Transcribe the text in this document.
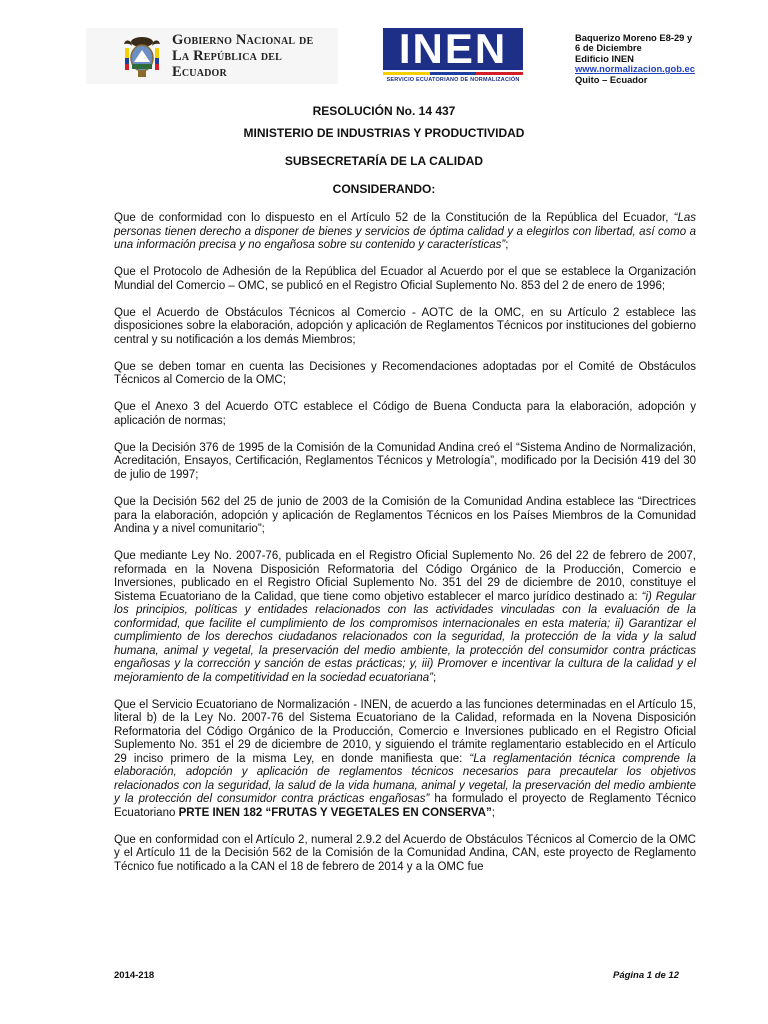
Gobierno Nacional de
La República del Ecuador	INEN
SERVICIO ECUATORIANO DE NORMALIZACIÓN
Baquerizo Moreno E8-29 y
6 de Diciembre
Edificio INEN
www.normalizacion.gob.ec
Quito – Ecuador
RESOLUCIÓN No. 14 437
MINISTERIO DE INDUSTRIAS Y PRODUCTIVIDAD
SUBSECRETARÍA DE LA CALIDAD
CONSIDERANDO:

Que de conformidad con lo dispuesto en el Artículo 52 de la Constitución de la República del Ecuador, “Las personas tienen derecho a disponer de bienes y servicios de óptima calidad y a elegirlos con libertad, así como a una información precisa y no engañosa sobre su contenido y características”;

Que el Protocolo de Adhesión de la República del Ecuador al Acuerdo por el que se establece la Organización Mundial del Comercio – OMC, se publicó en el Registro Oficial Suplemento No. 853 del 2 de enero de 1996;

Que el Acuerdo de Obstáculos Técnicos al Comercio - AOTC de la OMC, en su Artículo 2 establece las disposiciones sobre la elaboración, adopción y aplicación de Reglamentos Técnicos por instituciones del gobierno central y su notificación a los demás Miembros;

Que se deben tomar en cuenta las Decisiones y Recomendaciones adoptadas por el Comité de Obstáculos Técnicos al Comercio de la OMC;

Que el Anexo 3 del Acuerdo OTC establece el Código de Buena Conducta para la elaboración, adopción y aplicación de normas;

Que la Decisión 376 de 1995 de la Comisión de la Comunidad Andina creó el “Sistema Andino de Normalización, Acreditación, Ensayos, Certificación, Reglamentos Técnicos y Metrología”, modificado por la Decisión 419 del 30 de julio de 1997;

Que la Decisión 562 del 25 de junio de 2003 de la Comisión de la Comunidad Andina establece las “Directrices para la elaboración, adopción y aplicación de Reglamentos Técnicos en los Países Miembros de la Comunidad Andina y a nivel comunitario”;

Que mediante Ley No. 2007-76, publicada en el Registro Oficial Suplemento No. 26 del 22 de febrero de 2007, reformada en la Novena Disposición Reformatoria del Código Orgánico de la Producción, Comercio e Inversiones, publicado en el Registro Oficial Suplemento No. 351 del 29 de diciembre de 2010, constituye el Sistema Ecuatoriano de la Calidad, que tiene como objetivo establecer el marco jurídico destinado a: “i) Regular los principios, políticas y entidades relacionados con las actividades vinculadas con la evaluación de la conformidad, que facilite el cumplimiento de los compromisos internacionales en esta materia; ii) Garantizar el cumplimiento de los derechos ciudadanos relacionados con la seguridad, la protección de la vida y la salud humana, animal y vegetal, la preservación del medio ambiente, la protección del consumidor contra prácticas engañosas y la corrección y sanción de estas prácticas; y, iii) Promover e incentivar la cultura de la calidad y el mejoramiento de la competitividad en la sociedad ecuatoriana”;

Que el Servicio Ecuatoriano de Normalización - INEN, de acuerdo a las funciones determinadas en el Artículo 15, literal b) de la Ley No. 2007-76 del Sistema Ecuatoriano de la Calidad, reformada en la Novena Disposición Reformatoria del Código Orgánico de la Producción, Comercio e Inversiones publicado en el Registro Oficial Suplemento No. 351 el 29 de diciembre de 2010, y siguiendo el trámite reglamentario establecido en el Artículo 29 inciso primero de la misma Ley, en donde manifiesta que: “La reglamentación técnica comprende la elaboración, adopción y aplicación de reglamentos técnicos necesarios para precautelar los objetivos relacionados con la seguridad, la salud de la vida humana, animal y vegetal, la preservación del medio ambiente y la protección del consumidor contra prácticas engañosas” ha formulado el proyecto de Reglamento Técnico Ecuatoriano PRTE INEN 182 “FRUTAS Y VEGETALES EN CONSERVA”;

Que en conformidad con el Artículo 2, numeral 2.9.2 del Acuerdo de Obstáculos Técnicos al Comercio de la OMC y el Artículo 11 de la Decisión 562 de la Comisión de la Comunidad Andina, CAN, este proyecto de Reglamento Técnico fue notificado a la CAN el 18 de febrero de 2014 y a la OMC fue

2014-218	Página 1 de 12
